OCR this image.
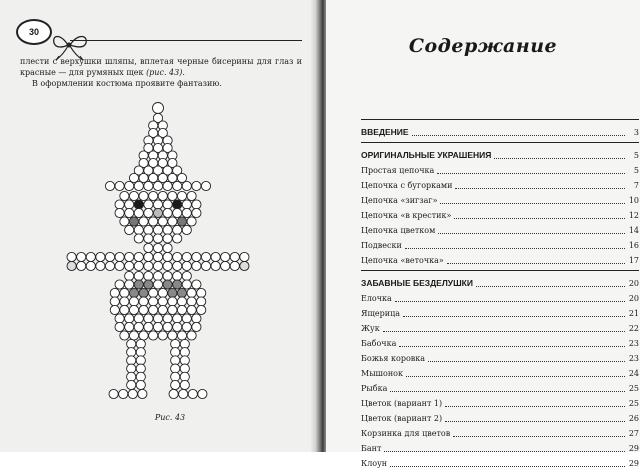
30

плести с верхушки шляпы, вплетая черные бисерины для глаз и красные — для румяных щек (рис. 43).

В оформлении костюма проявите фантазию.

Рис. 43
Содержание
ВВЕДЕНИЕ	3
ОРИГИНАЛЬНЫЕ УКРАШЕНИЯ	5
Простая цепочка	5
Цепочка с бугорками	7
Цепочка «зигзаг»	10
Цепочка «в крестик»	12
Цепочка цветком	14
Подвески	16
Цепочка «веточка»	17
ЗАБАВНЫЕ БЕЗДЕЛУШКИ	20
Елочка	20
Ящерица	21
Жук	22
Бабочка	23
Божья коровка	23
Мышонок	24
Рыбка	25
Цветок (вариант 1)	25
Цветок (вариант 2)	26
Корзинка для цветов	27
Бант	29
Клоун	29
